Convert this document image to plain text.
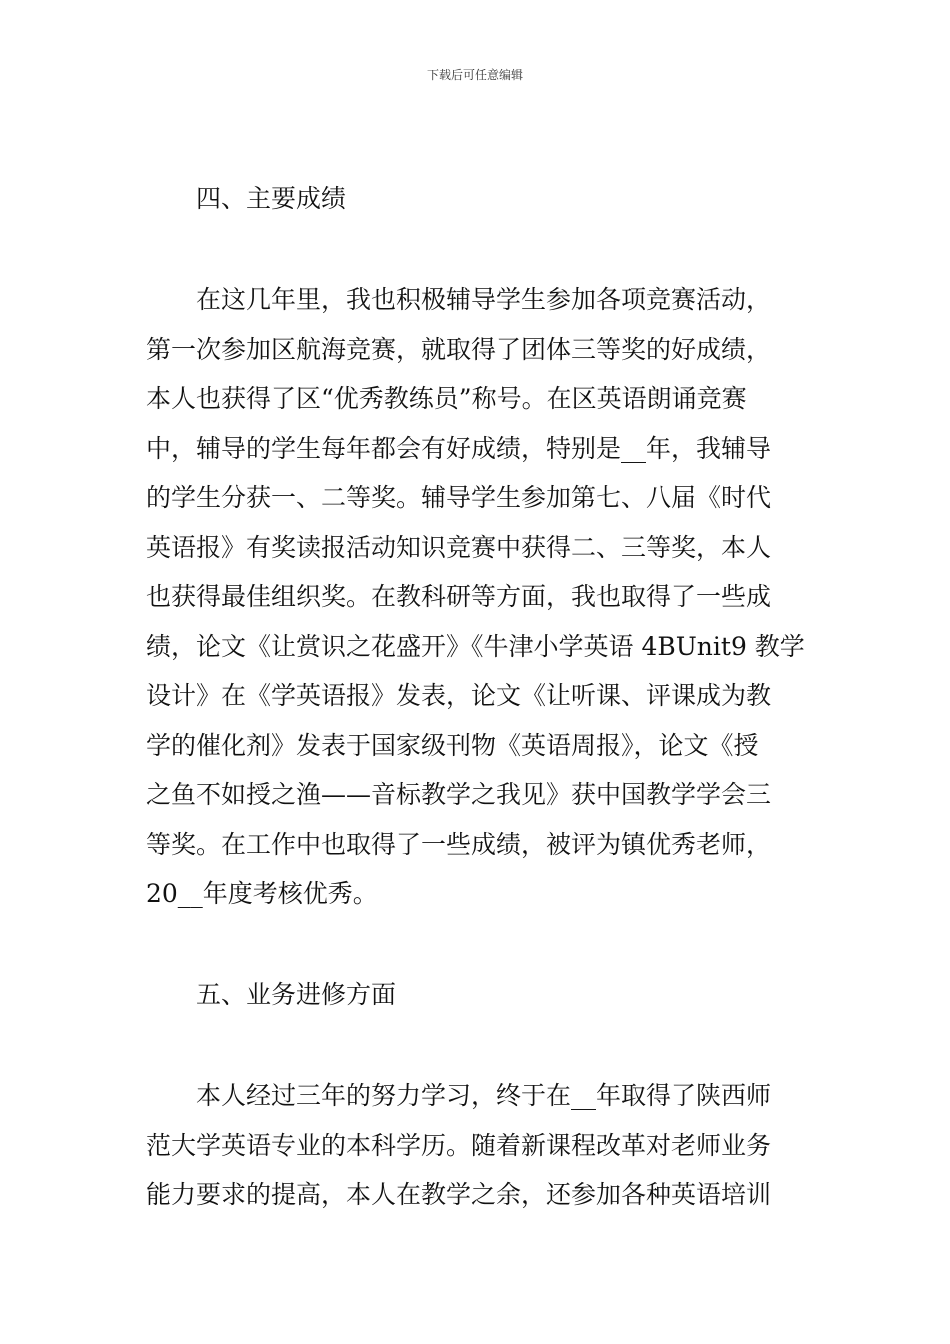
下载后可任意编辑
四、主要成绩
在这几年里，我也积极辅导学生参加各项竞赛活动，
第一次参加区航海竞赛，就取得了团体三等奖的好成绩，
本人也获得了区“优秀教练员”称号。在区英语朗诵竞赛
中，辅导的学生每年都会有好成绩，特别是__年，我辅导
的学生分获一、二等奖。辅导学生参加第七、八届《时代
英语报》有奖读报活动知识竞赛中获得二、三等奖，本人
也获得最佳组织奖。在教科研等方面，我也取得了一些成
绩，论文《让赏识之花盛开》《牛津小学英语 4BUnit9 教学
设计》在《学英语报》发表，论文《让听课、评课成为教
学的催化剂》发表于国家级刊物《英语周报》，论文《授
之鱼不如授之渔——音标教学之我见》获中国教学学会三
等奖。在工作中也取得了一些成绩，被评为镇优秀老师，
20__年度考核优秀。
五、业务进修方面
本人经过三年的努力学习，终于在__年取得了陕西师
范大学英语专业的本科学历。随着新课程改革对老师业务
能力要求的提高，本人在教学之余，还参加各种英语培训
